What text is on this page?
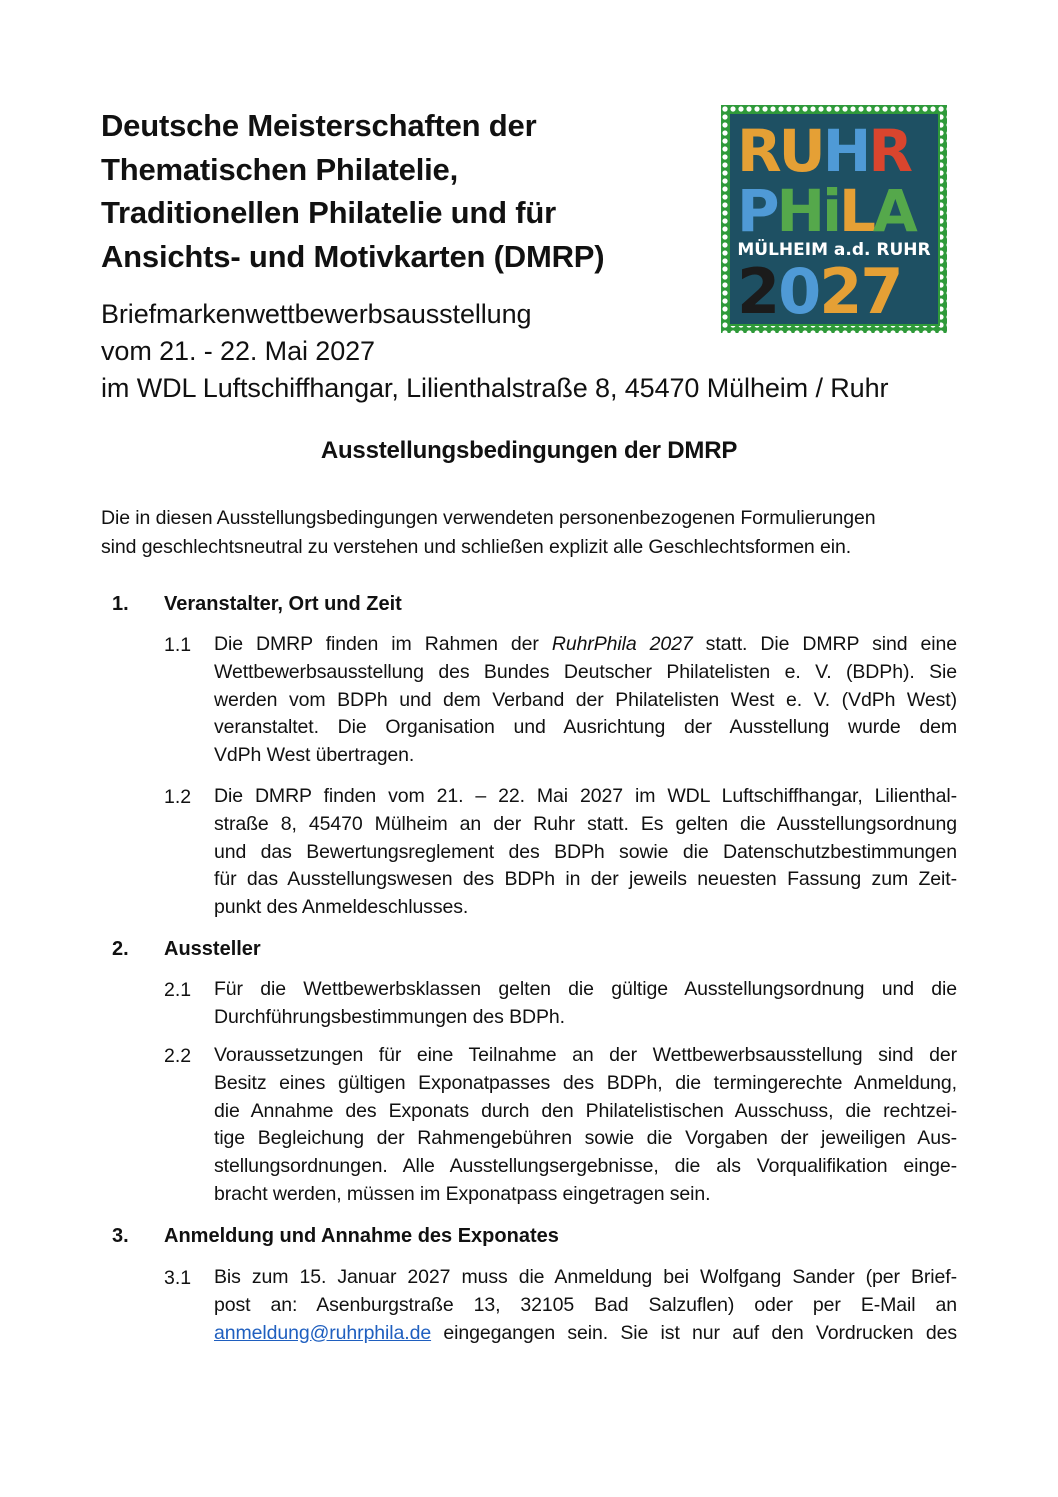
Deutsche Meisterschaften der
Thematischen Philatelie,
Traditionellen Philatelie und für
Ansichts- und Motivkarten (DMRP)
RUHR
PHiLA
MÜLHEIM a.d. RUHR
2027
Briefmarkenwettbewerbsausstellung
vom 21. - 22. Mai 2027
im WDL Luftschiffhangar, Lilienthalstraße 8, 45470 Mülheim / Ruhr
Ausstellungsbedingungen der DMRP
Die in diesen Ausstellungsbedingungen verwendeten personenbezogenen Formulierungen
sind geschlechtsneutral zu verstehen und schließen explizit alle Geschlechtsformen ein.
1. Veranstalter, Ort und Zeit
1.1 Die DMRP finden im Rahmen der RuhrPhila 2027 statt. Die DMRP sind eine
Wettbewerbsausstellung des Bundes Deutscher Philatelisten e. V. (BDPh). Sie
werden vom BDPh und dem Verband der Philatelisten West e. V. (VdPh West)
veranstaltet. Die Organisation und Ausrichtung der Ausstellung wurde dem
VdPh West übertragen.
1.2 Die DMRP finden vom 21. – 22. Mai 2027 im WDL Luftschiffhangar, Lilienthal-
straße 8, 45470 Mülheim an der Ruhr statt. Es gelten die Ausstellungsordnung
und das Bewertungsreglement des BDPh sowie die Datenschutzbestimmungen
für das Ausstellungswesen des BDPh in der jeweils neuesten Fassung zum Zeit-
punkt des Anmeldeschlusses.
2. Aussteller
2.1 Für die Wettbewerbsklassen gelten die gültige Ausstellungsordnung und die
Durchführungsbestimmungen des BDPh.
2.2 Voraussetzungen für eine Teilnahme an der Wettbewerbsausstellung sind der
Besitz eines gültigen Exponatpasses des BDPh, die termingerechte Anmeldung,
die Annahme des Exponats durch den Philatelistischen Ausschuss, die rechtzei-
tige Begleichung der Rahmengebühren sowie die Vorgaben der jeweiligen Aus-
stellungsordnungen. Alle Ausstellungsergebnisse, die als Vorqualifikation einge-
bracht werden, müssen im Exponatpass eingetragen sein.
3. Anmeldung und Annahme des Exponates
3.1 Bis zum 15. Januar 2027 muss die Anmeldung bei Wolfgang Sander (per Brief-
post an: Asenburgstraße 13, 32105 Bad Salzuflen) oder per E-Mail an
anmeldung@ruhrphila.de eingegangen sein. Sie ist nur auf den Vordrucken des
